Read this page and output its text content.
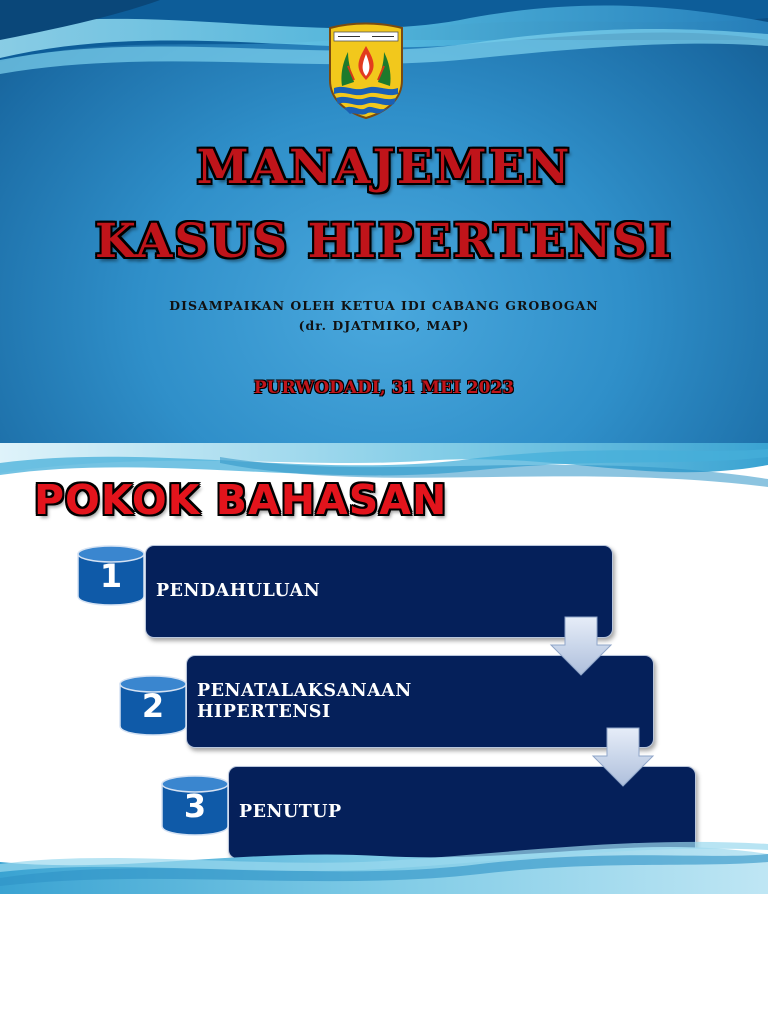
MANAJEMEN
KASUS HIPERTENSI
DISAMPAIKAN OLEH KETUA IDI CABANG GROBOGAN
(dr. DJATMIKO, MAP)
PURWODADI, 31 MEI 2023
POKOK BAHASAN
PENDAHULUAN
1
PENATALAKSANAAN
HIPERTENSI
2
PENUTUP
3
